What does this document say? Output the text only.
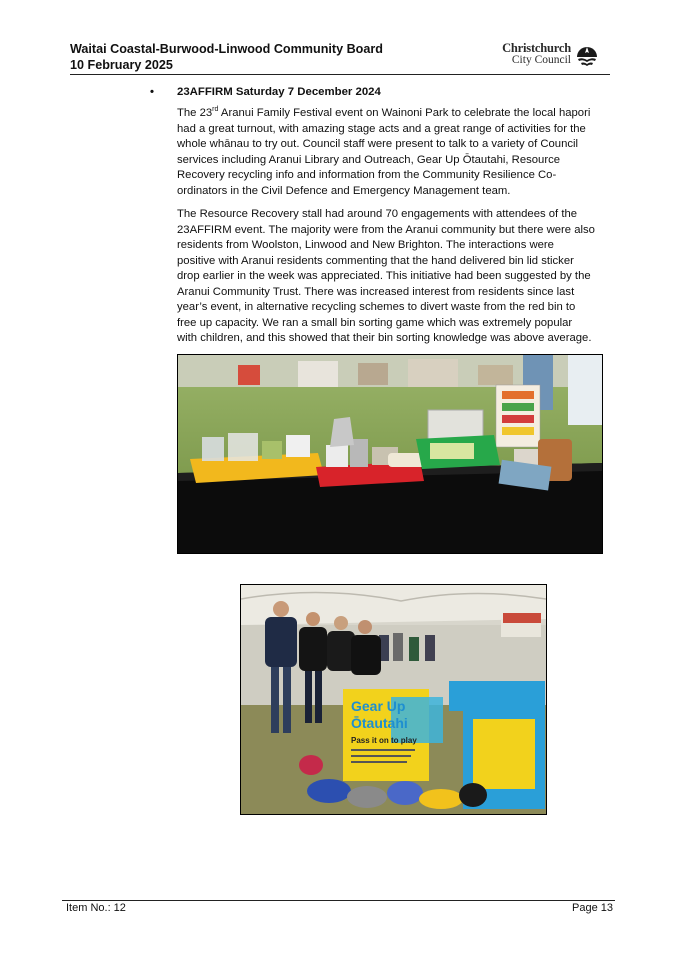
Waitai Coastal-Burwood-Linwood Community Board
10 February 2025
Christchurch
City Council
• 23AFFIRM Saturday 7 December 2024
The 23rd Aranui Family Festival event on Wainoni Park to celebrate the local hapori
had a great turnout, with amazing stage acts and a great range of activities for the
whole whānau to try out. Council staff were present to talk to a variety of Council
services including Aranui Library and Outreach, Gear Up Ōtautahi, Resource
Recovery recycling info and information from the Community Resilience Co-
ordinators in the Civil Defence and Emergency Management team.
The Resource Recovery stall had around 70 engagements with attendees of the
23AFFIRM event. The majority were from the Aranui community but there were also
residents from Woolston, Linwood and New Brighton. The interactions were
positive with Aranui residents commenting that the hand delivered bin lid sticker
drop earlier in the week was appreciated. This initiative had been suggested by the
Aranui Community Trust. There was increased interest from residents since last
year’s event, in alternative recycling schemes to divert waste from the red bin to
free up capacity. We ran a small bin sorting game which was extremely popular
with children, and this showed that their bin sorting knowledge was above average.
Gear Up
Ōtautahi
Pass it on to play
Item No.: 12	Page 13
